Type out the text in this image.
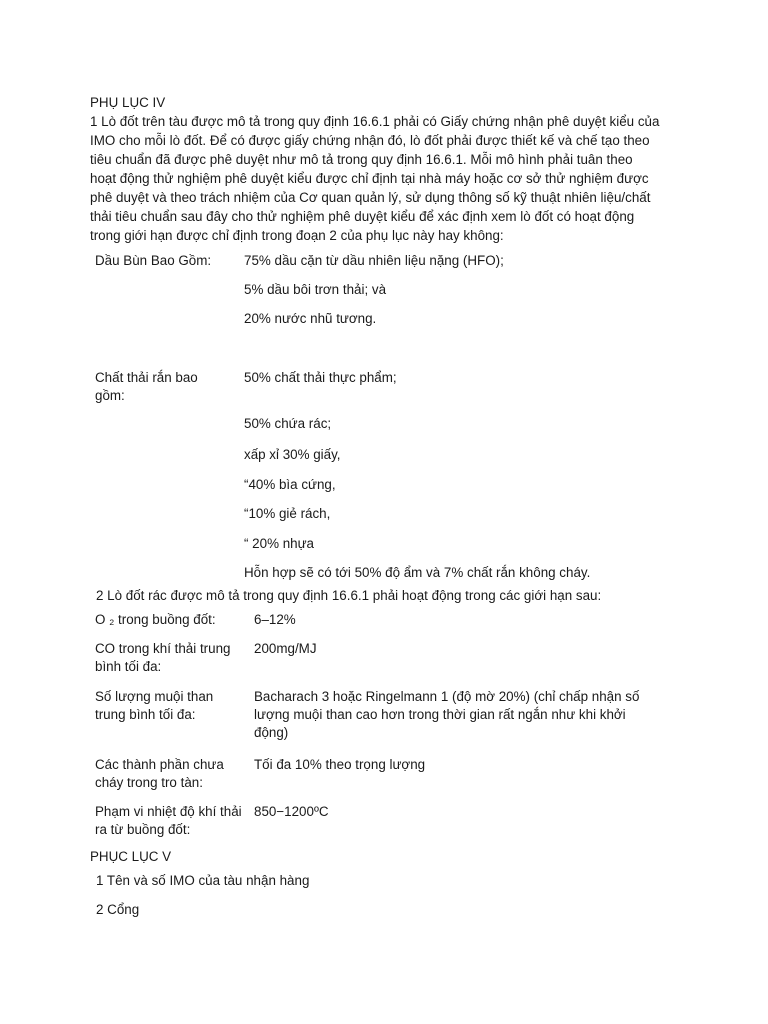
PHỤ LỤC IV
1 Lò đốt trên tàu được mô tả trong quy định 16.6.1 phải có Giấy chứng nhận phê duyệt kiểu của
IMO cho mỗi lò đốt. Để có được giấy chứng nhận đó, lò đốt phải được thiết kế và chế tạo theo
tiêu chuẩn đã được phê duyệt như mô tả trong quy định 16.6.1. Mỗi mô hình phải tuân theo
hoạt động thử nghiệm phê duyệt kiểu được chỉ định tại nhà máy hoặc cơ sở thử nghiệm được
phê duyệt và theo trách nhiệm của Cơ quan quản lý, sử dụng thông số kỹ thuật nhiên liệu/chất
thải tiêu chuẩn sau đây cho thử nghiệm phê duyệt kiểu để xác định xem lò đốt có hoạt động
trong giới hạn được chỉ định trong đoạn 2 của phụ lục này hay không:
Dầu Bùn Bao Gồm: 75% dầu cặn từ dầu nhiên liệu nặng (HFO);
5% dầu bôi trơn thải; và
20% nước nhũ tương.
Chất thải rắn bao
gồm:
50% chất thải thực phẩm;
50% chứa rác;
xấp xỉ 30% giấy,
“40% bìa cứng,
“10% giẻ rách,
“ 20% nhựa
Hỗn hợp sẽ có tới 50% độ ẩm và 7% chất rắn không cháy.
2 Lò đốt rác được mô tả trong quy định 16.6.1 phải hoạt động trong các giới hạn sau:
O ₂ trong buồng đốt:	6–12%
CO trong khí thải trung bình tối đa:
200mg/MJ
Số lượng muội than trung bình tối đa:
Bacharach 3 hoặc Ringelmann 1 (độ mờ 20%) (chỉ chấp nhận số lượng muội than cao hơn trong thời gian rất ngắn như khi khởi động)
Các thành phần chưa cháy trong tro tàn:
Tối đa 10% theo trọng lượng
Phạm vi nhiệt độ khí thải ra từ buồng đốt:
850−1200ºC
PHỤC LỤC V
1 Tên và số IMO của tàu nhận hàng
2 Cổng
